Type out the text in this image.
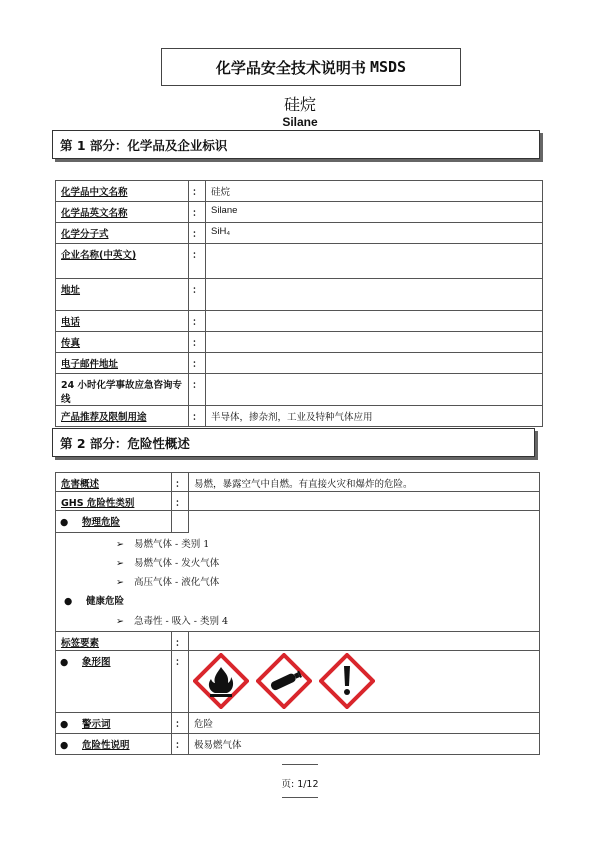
化学品安全技术说明书 MSDS
硅烷
Silane
第 1 部分：化学品及企业标识
化学品中文名称	：	硅烷
化学品英文名称	：	Silane
化学分子式	：	SiH₄
企业名称(中英文)	：	
地址	：	
电话	：	
传真	：	
电子邮件地址	：	
24 小时化学事故应急咨询专线	：	
产品推荐及限制用途	：	半导体，掺杂剂，工业及特种气体应用
第 2 部分：危险性概述
危害概述	：	易燃，暴露空气中自燃。有直接火灾和爆炸的危险。
GHS 危险性类别	：	
● 物理危险		

➢ 易燃气体 - 类别 1
➢ 易燃气体 - 发火气体
➢ 高压气体 - 液化气体
● 健康危险
➢ 急毒性 - 吸入 - 类别 4		

标签要素	：	
● 象形图	：	
● 警示词	：	危险
● 危险性说明	：	极易燃气体
页: 1/12
